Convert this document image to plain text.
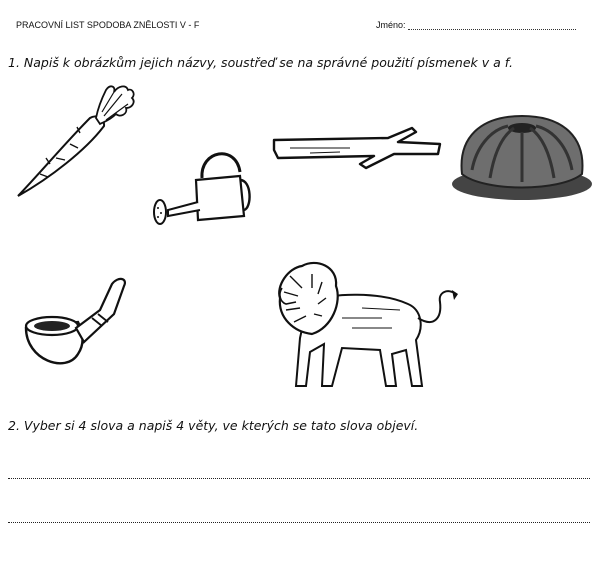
PRACOVNÍ LIST SPODOBA ZNĚLOSTI V - F	Jméno:
1. Napiš k obrázkům jejich názvy, soustřeď se na správné použití písmenek v a f.
2. Vyber si 4 slova a napiš 4 věty, ve kterých se tato slova objeví.
